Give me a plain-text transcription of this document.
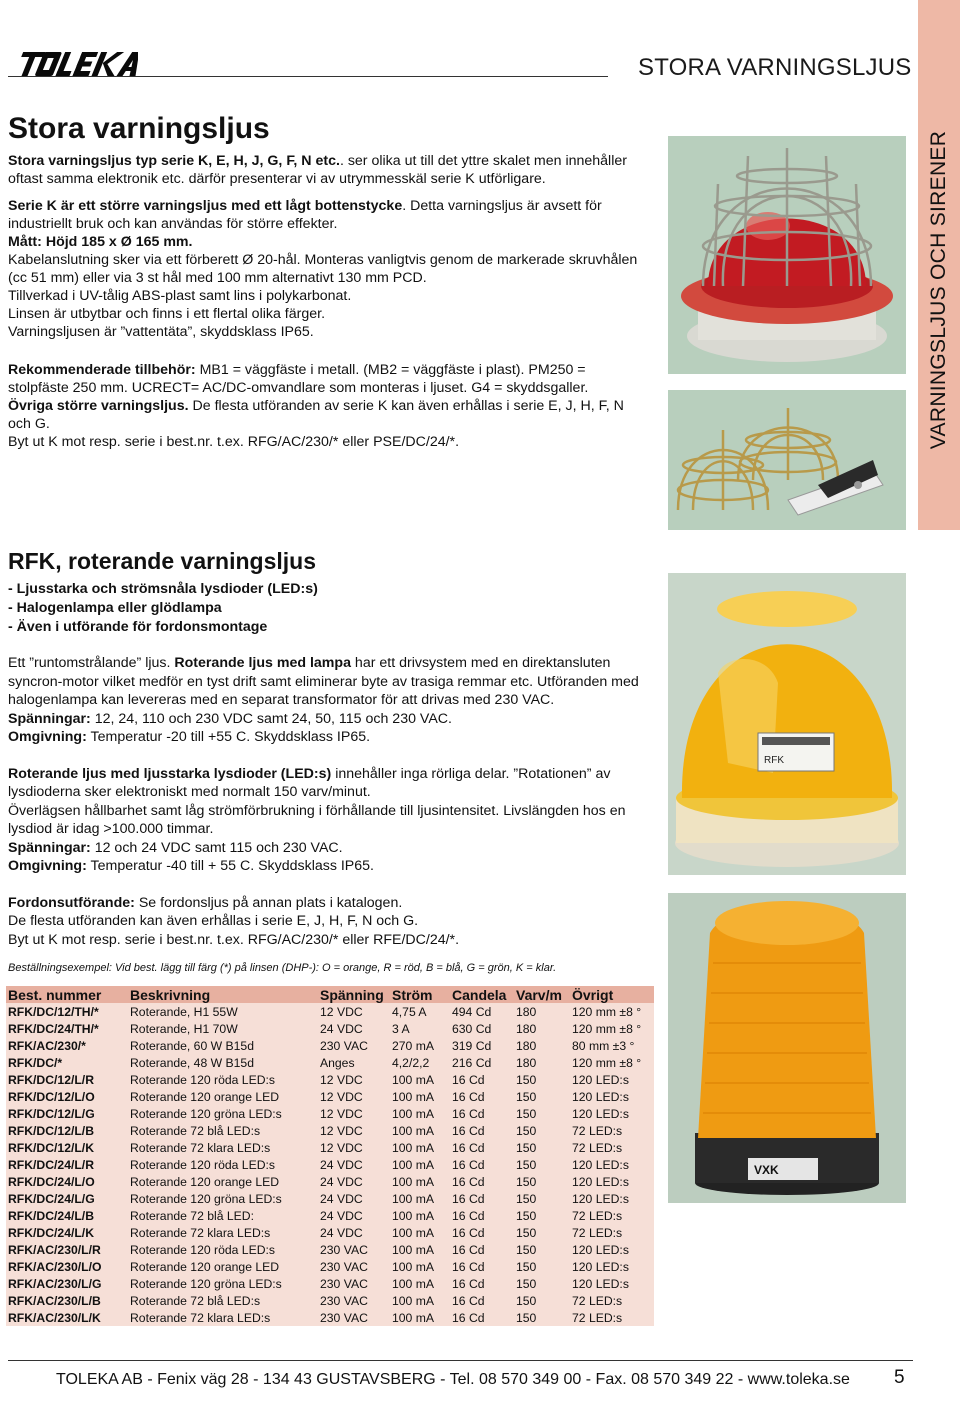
STORA VARNINGSLJUS
VARNINGSLJUS OCH SIRENER
Stora varningsljus

Stora varningsljus typ serie K, E, H, J, G, F, N etc.. ser olika ut till det yttre skalet men innehåller oftast samma elektronik etc. därför presenterar vi av utrymmesskäl serie K utförligare.

Serie K är ett större varningsljus med ett lågt bottenstycke. Detta varningsljus är avsett för industriellt bruk och kan användas för större effekter.

Mått: Höjd 185 x Ø 165 mm.

Kabelanslutning sker via ett förberett Ø 20-hål. Monteras vanligtvis genom de markerade skruvhålen (cc 51 mm) eller via 3 st hål med 100 mm alternativt 130 mm PCD.

Tillverkad i UV-tålig ABS-plast samt lins i polykarbonat.

Linsen är utbytbar och finns i ett flertal olika färger.

Varningsljusen är ”vattentäta”, skyddsklass IP65.

Rekommenderade tillbehör: MB1 = väggfäste i metall. (MB2 = väggfäste i plast). PM250 = stolpfäste 250 mm. UCRECT= AC/DC-omvandlare som monteras i ljuset. G4 = skyddsgaller.

Övriga större varningsljus. De flesta utföranden av serie K kan även erhållas i serie E, J, H, F, N och G.

Byt ut K mot resp. serie i best.nr. t.ex. RFG/AC/230/* eller PSE/DC/24/*.

RFK, roterande varningsljus
- Ljusstarka och strömsnåla lysdioder (LED:s)
- Halogenlampa eller glödlampa
- Även i utförande för fordonsmontage

Ett ”runtomstrålande” ljus. Roterande ljus med lampa har ett drivsystem med en direktansluten syncron-motor vilket medför en tyst drift samt eliminerar byte av trasiga remmar etc. Utföranden med halogenlampa kan levereras med en separat transformator för att drivas med 230 VAC.

Spänningar: 12, 24, 110 och 230 VDC samt 24, 50, 115 och 230 VAC.

Omgivning: Temperatur -20 till +55 C. Skyddsklass IP65.

Roterande ljus med ljusstarka lysdioder (LED:s) innehåller inga rörliga delar. ”Rotationen” av lysdioderna sker elektroniskt med normalt 150 varv/minut.

Överlägsen hållbarhet samt låg strömförbrukning i förhållande till ljusintensitet. Livslängden hos en lysdiod är idag >100.000 timmar.

Spänningar: 12 och 24 VDC samt 115 och 230 VAC.

Omgivning: Temperatur -40 till + 55 C. Skyddsklass IP65.

Fordonsutförande: Se fordonsljus på annan plats i katalogen.

De flesta utföranden kan även erhållas i serie E, J, H, F, N och G.

Byt ut K mot resp. serie i best.nr. t.ex. RFG/AC/230/* eller RFE/DC/24/*.

Beställningsexempel: Vid best. lägg till färg (*) på linsen (DHP-): O = orange, R = röd, B = blå, G = grön, K = klar.
Best. nummer	Beskrivning	Spänning	Ström	Candela	Varv/m	Övrigt
RFK/DC/12/TH/*	Roterande, H1 55W	12 VDC	4,75 A	494 Cd	180	120 mm ±8 °
RFK/DC/24/TH/*	Roterande, H1 70W	24 VDC	3 A	630 Cd	180	120 mm ±8 °
RFK/AC/230/*	Roterande, 60 W B15d	230 VAC	270 mA	319 Cd	180	80 mm ±3 °
RFK/DC/*	Roterande, 48 W B15d	Anges	4,2/2,2	216 Cd	180	120 mm ±8 °
RFK/DC/12/L/R	Roterande 120 röda LED:s	12 VDC	100 mA	16 Cd	150	120 LED:s
RFK/DC/12/L/O	Roterande 120 orange LED	12 VDC	100 mA	16 Cd	150	120 LED:s
RFK/DC/12/L/G	Roterande 120 gröna LED:s	12 VDC	100 mA	16 Cd	150	120 LED:s
RFK/DC/12/L/B	Roterande 72 blå LED:s	12 VDC	100 mA	16 Cd	150	72 LED:s
RFK/DC/12/L/K	Roterande 72 klara LED:s	12 VDC	100 mA	16 Cd	150	72 LED:s
RFK/DC/24/L/R	Roterande 120 röda LED:s	24 VDC	100 mA	16 Cd	150	120 LED:s
RFK/DC/24/L/O	Roterande 120 orange LED	24 VDC	100 mA	16 Cd	150	120 LED:s
RFK/DC/24/L/G	Roterande 120 gröna LED:s	24 VDC	100 mA	16 Cd	150	120 LED:s
RFK/DC/24/L/B	Roterande 72 blå LED:	24 VDC	100 mA	16 Cd	150	72 LED:s
RFK/DC/24/L/K	Roterande 72 klara LED:s	24 VDC	100 mA	16 Cd	150	72 LED:s
RFK/AC/230/L/R	Roterande 120 röda LED:s	230 VAC	100 mA	16 Cd	150	120 LED:s
RFK/AC/230/L/O	Roterande 120 orange LED	230 VAC	100 mA	16 Cd	150	120 LED:s
RFK/AC/230/L/G	Roterande 120 gröna LED:s	230 VAC	100 mA	16 Cd	150	120 LED:s
RFK/AC/230/L/B	Roterande 72 blå LED:s	230 VAC	100 mA	16 Cd	150	72 LED:s
RFK/AC/230/L/K	Roterande 72 klara LED:s	230 VAC	100 mA	16 Cd	150	72 LED:s
RFK
VXK
TOLEKA AB - Fenix väg 28 - 134 43 GUSTAVSBERG - Tel. 08 570 349 00 - Fax. 08 570 349 22 - www.toleka.se 5
